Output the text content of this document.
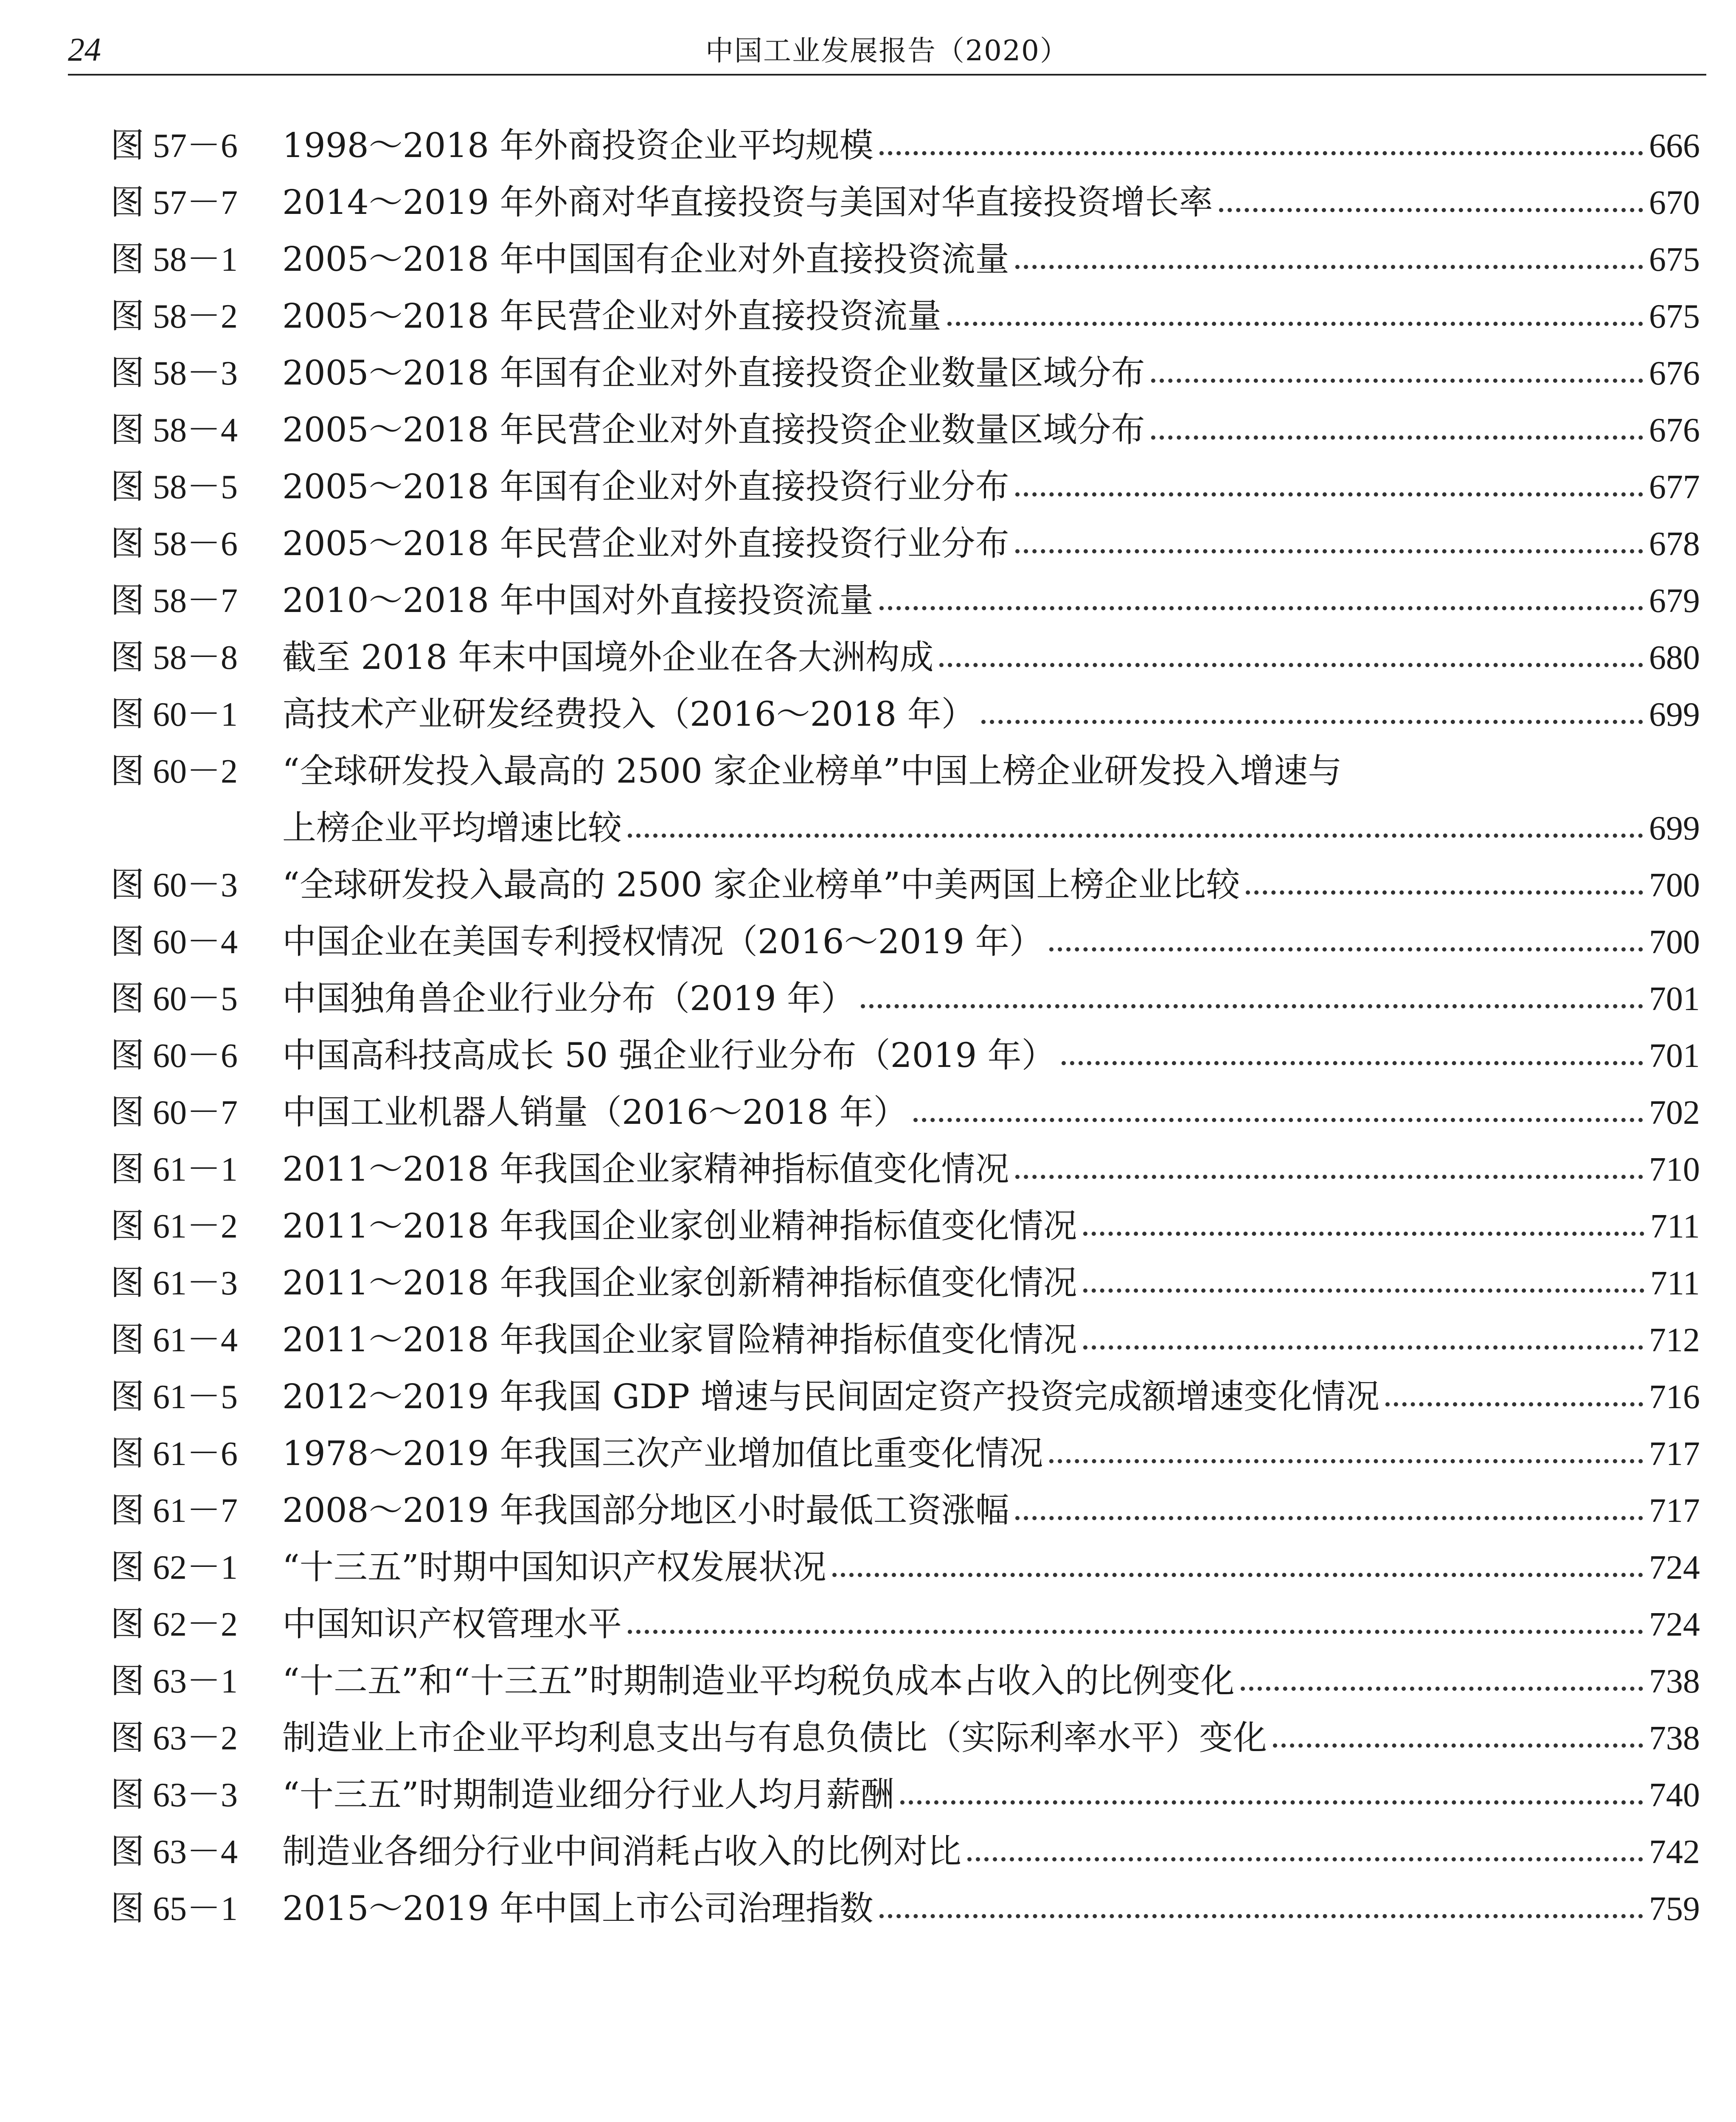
24	中国工业发展报告（2020）
图 57－6	1998～2018 年外商投资企业平均规模	666
图 57－7	2014～2019 年外商对华直接投资与美国对华直接投资增长率	670
图 58－1	2005～2018 年中国国有企业对外直接投资流量	675
图 58－2	2005～2018 年民营企业对外直接投资流量	675
图 58－3	2005～2018 年国有企业对外直接投资企业数量区域分布	676
图 58－4	2005～2018 年民营企业对外直接投资企业数量区域分布	676
图 58－5	2005～2018 年国有企业对外直接投资行业分布	677
图 58－6	2005～2018 年民营企业对外直接投资行业分布	678
图 58－7	2010～2018 年中国对外直接投资流量	679
图 58－8	截至 2018 年末中国境外企业在各大洲构成	680
图 60－1	高技术产业研发经费投入（2016～2018 年）	699
图 60－2	“全球研发投入最高的 2500 家企业榜单”中国上榜企业研发投入增速与
上榜企业平均增速比较	699
图 60－3	“全球研发投入最高的 2500 家企业榜单”中美两国上榜企业比较	700
图 60－4	中国企业在美国专利授权情况（2016～2019 年）	700
图 60－5	中国独角兽企业行业分布（2019 年）	701
图 60－6	中国高科技高成长 50 强企业行业分布（2019 年）	701
图 60－7	中国工业机器人销量（2016～2018 年）	702
图 61－1	2011～2018 年我国企业家精神指标值变化情况	710
图 61－2	2011～2018 年我国企业家创业精神指标值变化情况	711
图 61－3	2011～2018 年我国企业家创新精神指标值变化情况	711
图 61－4	2011～2018 年我国企业家冒险精神指标值变化情况	712
图 61－5	2012～2019 年我国 GDP 增速与民间固定资产投资完成额增速变化情况	716
图 61－6	1978～2019 年我国三次产业增加值比重变化情况	717
图 61－7	2008～2019 年我国部分地区小时最低工资涨幅	717
图 62－1	“十三五”时期中国知识产权发展状况	724
图 62－2	中国知识产权管理水平	724
图 63－1	“十二五”和“十三五”时期制造业平均税负成本占收入的比例变化	738
图 63－2	制造业上市企业平均利息支出与有息负债比（实际利率水平）变化	738
图 63－3	“十三五”时期制造业细分行业人均月薪酬	740
图 63－4	制造业各细分行业中间消耗占收入的比例对比	742
图 65－1	2015～2019 年中国上市公司治理指数	759
